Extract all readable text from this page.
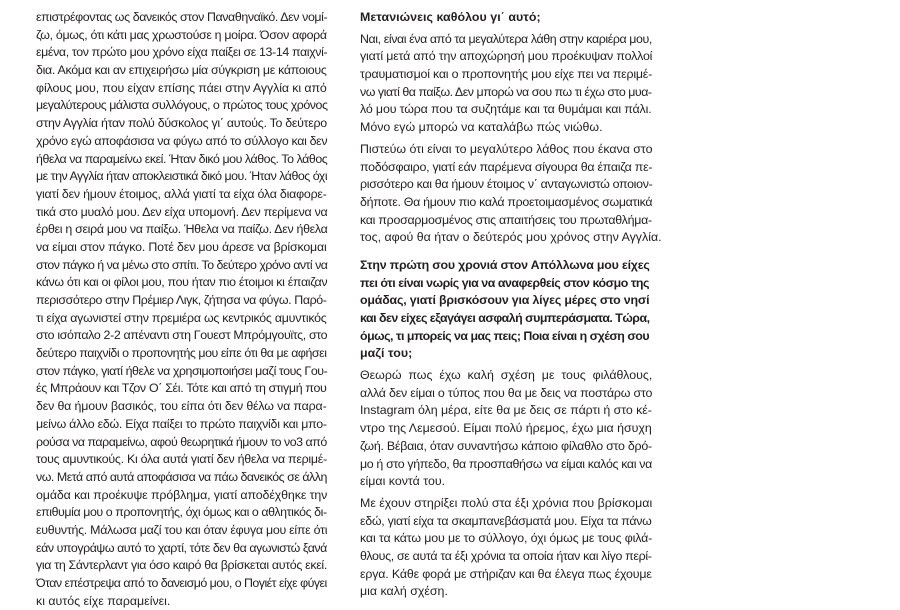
επιστρέφοντας ως δανεικός στον Παναθηναϊκό. Δεν νομί-
ζω, όμως, ότι κάτι μας χρωστούσε η μοίρα. Όσον αφορά
εμένα, τον πρώτο μου χρόνο είχα παίξει σε 13-14 παιχνί-
δια. Ακόμα και αν επιχειρήσω μία σύγκριση με κάποιους
φίλους μου, που είχαν επίσης πάει στην Αγγλία κι από
μεγαλύτερους μάλιστα συλλόγους, ο πρώτος τους χρόνος
στην Αγγλία ήταν πολύ δύσκολος γι΄ αυτούς. Το δεύτερο
χρόνο εγώ αποφάσισα να φύγω από το σύλλογο και δεν
ήθελα να παραμείνω εκεί. Ήταν δικό μου λάθος. Το λάθος
με την Αγγλία ήταν αποκλειστικά δικό μου. Ήταν λάθος όχι
γιατί δεν ήμουν έτοιμος, αλλά γιατί τα είχα όλα διαφορε-
τικά στο μυαλό μου. Δεν είχα υπομονή. Δεν περίμενα να
έρθει η σειρά μου να παίξω. Ήθελα να παίζω. Δεν ήθελα
να είμαι στον πάγκο. Ποτέ δεν μου άρεσε να βρίσκομαι
στον πάγκο ή να μένω στο σπίτι. Το δεύτερο χρόνο αντί να
κάνω ότι και οι φίλοι μου, που ήταν πιο έτοιμοι κι έπαιζαν
περισσότερο στην Πρέμιερ Λιγκ, ζήτησα να φύγω. Παρό-
τι είχα αγωνιστεί στην πρεμιέρα ως κεντρικός αμυντικός
στο ισόπαλο 2-2 απέναντι στη Γουεστ Μπρόμγουϊτς, στο
δεύτερο παιχνίδι ο προπονητής μου είπε ότι θα με αφήσει
στον πάγκο, γιατί ήθελε να χρησιμοποιήσει μαζί τους Γου-
ές Μπράουν και Τζον Ο΄ Σέι. Τότε και από τη στιγμή που
δεν θα ήμουν βασικός, του είπα ότι δεν θέλω να παρα-
μείνω άλλο εδώ. Είχα παίξει το πρώτο παιχνίδι και μπο-
ρούσα να παραμείνω, αφού θεωρητικά ήμουν το νο3 από
τους αμυντικούς. Κι όλα αυτά γιατί δεν ήθελα να περιμέ-
νω. Μετά από αυτά αποφάσισα να πάω δανεικός σε άλλη
ομάδα και προέκυψε πρόβλημα, γιατί αποδέχθηκε την
επιθυμία μου ο προπονητής, όχι όμως και ο αθλητικός δι-
ευθυντής. Μάλωσα μαζί του και όταν έφυγα μου είπε ότι
εάν υπογράψω αυτό το χαρτί, τότε δεν θα αγωνιστώ ξανά
για τη Σάντερλαντ για όσο καιρό θα βρίσκεται αυτός εκεί.
Όταν επέστρεψα από το δανεισμό μου, ο Πογιέτ είχε φύγει
κι αυτός είχε παραμείνει.
Μετανιώνεις καθόλου γι΄ αυτό;
Ναι, είναι ένα από τα μεγαλύτερα λάθη στην καριέρα μου,
γιατί μετά από την αποχώρησή μου προέκυψαν πολλοί
τραυματισμοί και ο προπονητής μου είχε πει να περιμέ-
νω γιατί θα παίξω. Δεν μπορώ να σου πω τι έχω στο μυα-
λό μου τώρα που τα συζητάμε και τα θυμάμαι και πάλι.
Μόνο εγώ μπορώ να καταλάβω πώς νιώθω.
Πιστεύω ότι είναι το μεγαλύτερο λάθος που έκανα στο
ποδόσφαιρο, γιατί εάν παρέμενα σίγουρα θα έπαιζα πε-
ρισσότερο και θα ήμουν έτοιμος ν΄ ανταγωνιστώ οποιον-
δήποτε. Θα ήμουν πιο καλά προετοιμασμένος σωματικά
και προσαρμοσμένος στις απαιτήσεις του πρωταθλήμα-
τος, αφού θα ήταν ο δεύτερός μου χρόνος στην Αγγλία.
Στην πρώτη σου χρονιά στον Απόλλωνα μου είχες
πει ότι είναι νωρίς για να αναφερθείς στον κόσμο της
ομάδας, γιατί βρισκόσουν για λίγες μέρες στο νησί
και δεν είχες εξαγάγει ασφαλή συμπεράσματα. Τώρα,
όμως, τι μπορείς να μας πεις; Ποια είναι η σχέση σου
μαζί του;
Θεωρώ πως έχω καλή σχέση με τους φιλάθλους,
αλλά δεν είμαι ο τύπος που θα με δεις να ποστάρω στο
Instagram όλη μέρα, είτε θα με δεις σε πάρτι ή στο κέ-
ντρο της Λεμεσού. Είμαι πολύ ήρεμος, έχω μια ήσυχη
ζωή. Βέβαια, όταν συναντήσω κάποιο φίλαθλο στο δρό-
μο ή στο γήπεδο, θα προσπαθήσω να είμαι καλός και να
είμαι κοντά του.
Με έχουν στηρίξει πολύ στα έξι χρόνια που βρίσκομαι
εδώ, γιατί είχα τα σκαμπανεβάσματά μου. Είχα τα πάνω
και τα κάτω μου με το σύλλογο, όχι όμως με τους φιλά-
θλους, σε αυτά τα έξι χρόνια τα οποία ήταν και λίγο περί-
εργα. Κάθε φορά με στήριζαν και θα έλεγα πως έχουμε
μια καλή σχέση.
